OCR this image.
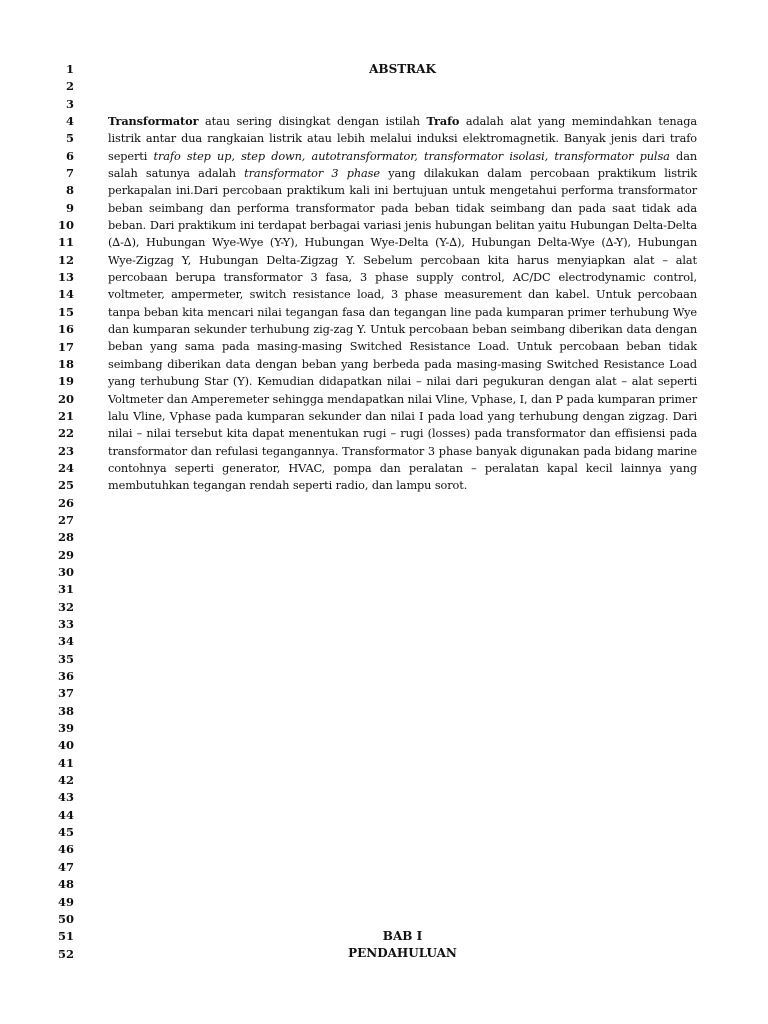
1
2
3
4
5
6
7
8
9
10
11
12
13
14
15
16
17
18
19
20
21
22
23
24
25
26
27
28
29
30
31
32
33
34
35
36
37
38
39
40
41
42
43
44
45
46
47
48
49
50
51
52
ABSTRAK

Transformator atau sering disingkat dengan istilah Trafo adalah alat yang memindahkan tenaga listrik antar dua rangkaian listrik atau lebih melalui induksi elektromagnetik. Banyak jenis dari trafo seperti trafo step up, step down, autotransformator, transformator isolasi, transformator pulsa dan salah satunya adalah transformator 3 phase yang dilakukan dalam percobaan praktikum listrik perkapalan ini.Dari percobaan praktikum kali ini bertujuan untuk mengetahui performa transformator beban seimbang dan performa transformator pada beban tidak seimbang dan pada saat tidak ada beban. Dari praktikum ini terdapat berbagai variasi jenis hubungan belitan yaitu Hubungan Delta-Delta (∆-∆), Hubungan Wye-Wye (Y-Y), Hubungan Wye-Delta (Y-∆), Hubungan Delta-Wye (∆-Y), Hubungan Wye-Zigzag Y, Hubungan Delta-Zigzag Y. Sebelum percobaan kita harus menyiapkan alat – alat percobaan berupa transformator 3 fasa, 3 phase supply control, AC/DC electrodynamic control, voltmeter, ampermeter, switch resistance load, 3 phase measurement dan kabel. Untuk percobaan tanpa beban kita mencari nilai tegangan fasa dan tegangan line pada kumparan primer terhubung Wye dan kumparan sekunder terhubung zig-zag Y. Untuk percobaan beban seimbang diberikan data dengan beban yang sama pada masing-masing Switched Resistance Load. Untuk percobaan beban tidak seimbang diberikan data dengan beban yang berbeda pada masing-masing Switched Resistance Load yang terhubung Star (Y). Kemudian didapatkan nilai – nilai dari pegukuran dengan alat – alat seperti Voltmeter dan Amperemeter sehingga mendapatkan nilai Vline, Vphase, I, dan P pada kumparan primer lalu Vline, Vphase pada kumparan sekunder dan nilai I pada load yang terhubung dengan zigzag. Dari nilai – nilai tersebut kita dapat menentukan rugi – rugi (losses) pada transformator dan effisiensi pada transformator dan refulasi tegangannya. Transformator 3 phase banyak digunakan pada bidang marine contohnya seperti generator, HVAC, pompa dan peralatan – peralatan kapal kecil lainnya yang membutuhkan tegangan rendah seperti radio, dan lampu sorot.

BAB I
PENDAHULUAN
